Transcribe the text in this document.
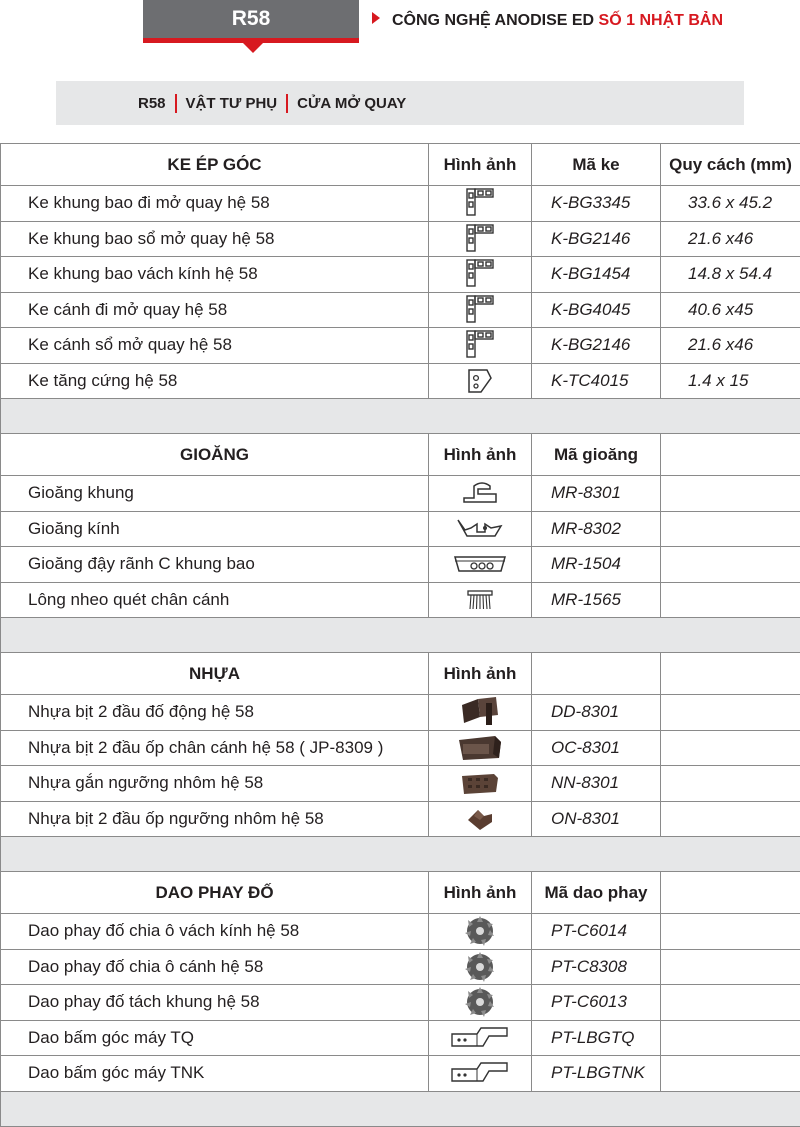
R58	CÔNG NGHỆ ANODISE ED SỐ 1 NHẬT BẢN
R58 VẬT TƯ PHỤ CỬA MỞ QUAY
KE ÉP GÓC	Hình ảnh	Mã ke	Quy cách (mm)
Ke khung bao đi mở quay hệ 58		K-BG3345	33.6 x 45.2
Ke khung bao sổ mở quay hệ 58		K-BG2146	21.6 x46
Ke khung bao vách kính hệ 58		K-BG1454	14.8 x 54.4
Ke cánh đi mở quay hệ 58		K-BG4045	40.6 x45
Ke cánh sổ mở quay hệ 58		K-BG2146	21.6 x46
Ke tăng cứng hệ 58		K-TC4015	1.4 x 15

GIOĂNG	Hình ảnh	Mã gioăng	
Gioăng khung		MR-8301	
Gioăng kính		MR-8302	
Gioăng đậy rãnh C khung bao		MR-1504	
Lông nheo quét chân cánh		MR-1565	

NHỰA	Hình ảnh		
Nhựa bịt 2 đầu đố động hệ 58		DD-8301	
Nhựa bịt 2 đầu ốp chân cánh hệ 58 ( JP-8309 )		OC-8301	
Nhựa gắn ngưỡng nhôm hệ 58		NN-8301	
Nhựa bịt 2 đầu ốp ngưỡng nhôm hệ 58		ON-8301	

DAO PHAY ĐỐ	Hình ảnh	Mã dao phay	
Dao phay đố chia ô vách kính hệ 58		PT-C6014	
Dao phay đố chia ô cánh hệ 58		PT-C8308	
Dao phay đố tách khung hệ 58		PT-C6013	
Dao bấm góc máy TQ		PT-LBGTQ	
Dao bấm góc máy TNK		PT-LBGTNK	
